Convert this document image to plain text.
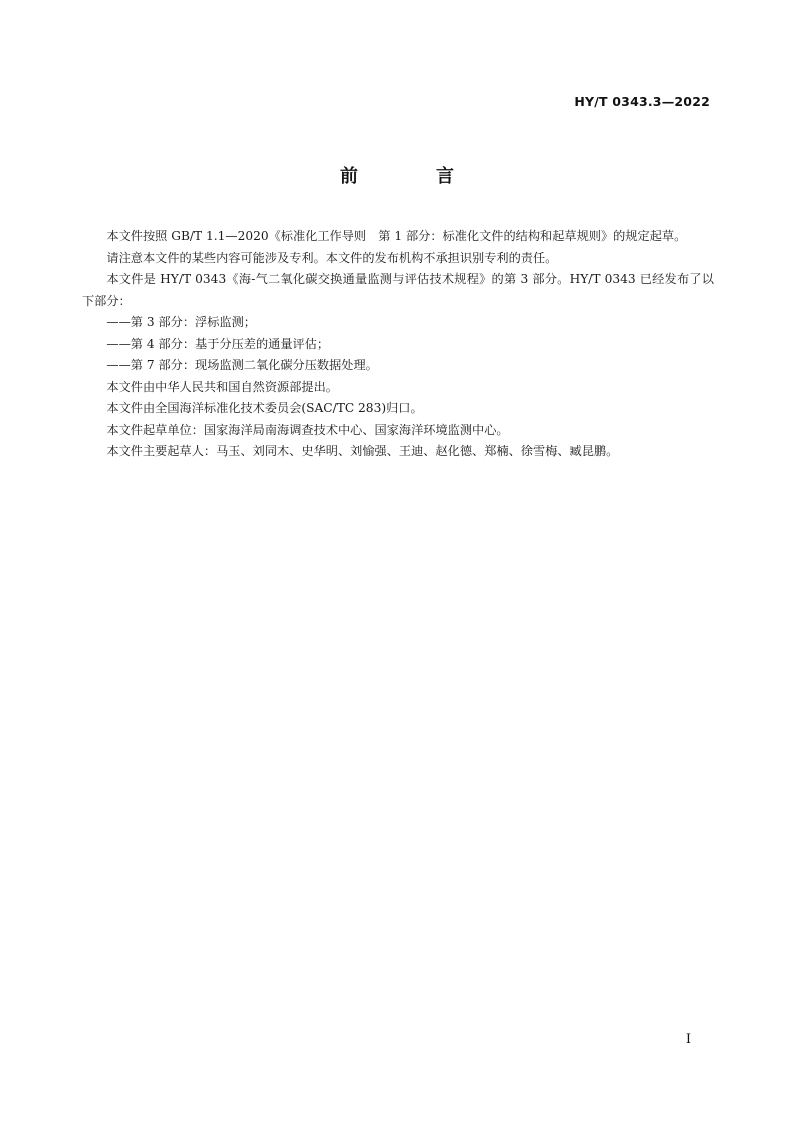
HY/T 0343.3—2022
前　言

本文件按照 GB/T 1.1—2020《标准化工作导则　第 1 部分：标准化文件的结构和起草规则》的规定起草。

请注意本文件的某些内容可能涉及专利。本文件的发布机构不承担识别专利的责任。

本文件是 HY/T 0343《海-气二氧化碳交换通量监测与评估技术规程》的第 3 部分。HY/T 0343 已经发布了以下部分：

——第 3 部分：浮标监测；

——第 4 部分：基于分压差的通量评估；

——第 7 部分：现场监测二氧化碳分压数据处理。

本文件由中华人民共和国自然资源部提出。

本文件由全国海洋标准化技术委员会(SAC/TC 283)归口。

本文件起草单位：国家海洋局南海调查技术中心、国家海洋环境监测中心。

本文件主要起草人：马玉、刘同木、史华明、刘愉强、王迪、赵化德、郑楠、徐雪梅、臧昆鹏。

I
